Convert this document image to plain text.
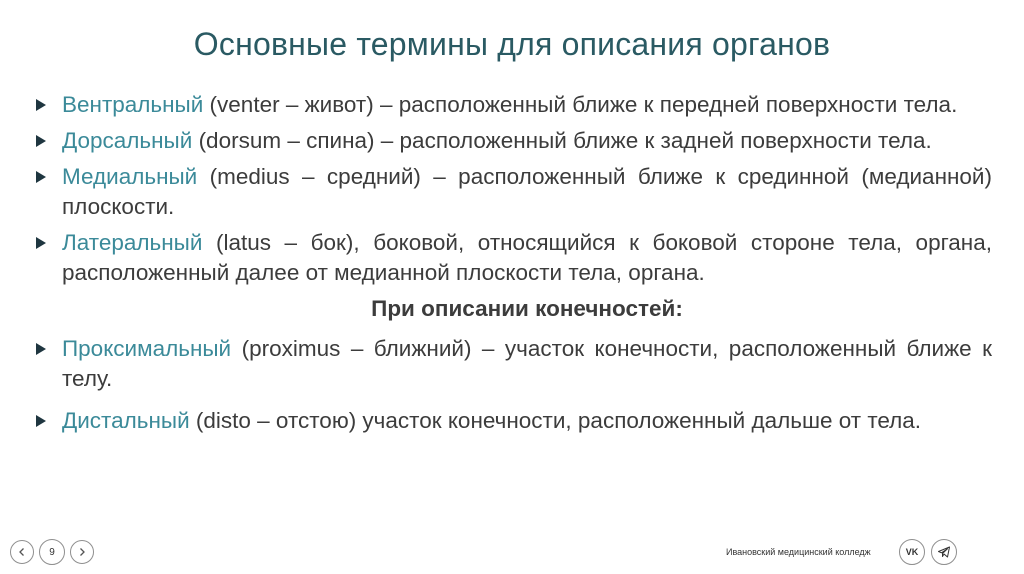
Основные термины для описания органов
Вентральный (venter – живот) – расположенный ближе к передней поверхности тела.
Дорсальный (dorsum – спина) – расположенный ближе к задней поверхности тела.
Медиальный (medius – средний) – расположенный ближе к срединной (медианной) плоскости.
Латеральный (latus – бок), боковой, относящийся к боковой стороне тела, органа, расположенный далее от медианной плоскости тела, органа.
При описании конечностей:
Проксимальный (proximus – ближний) – участок конечности, расположенный ближе к телу.
Дистальный (disto – отстою) участок конечности, расположенный дальше от тела.
9	Ивановский медицинский колледж	VK
